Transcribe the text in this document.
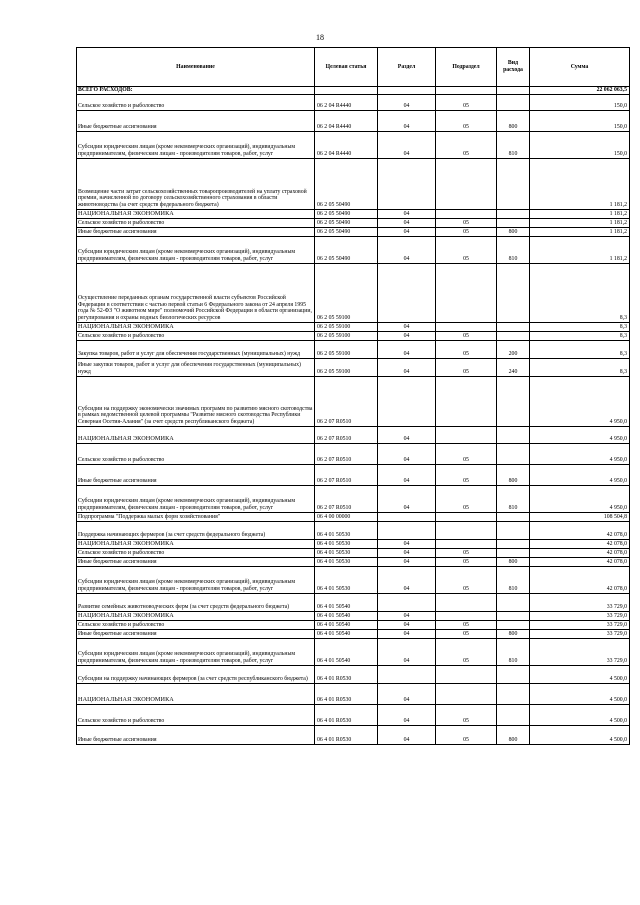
18
Наименование	Целевая статья	Раздел	Подраздел	Вид расхода	Сумма
ВСЕГО РАСХОДОВ:					22 062 063,5
Сельское хозяйство и рыболовство	06 2 04 R4440	04	05		150,0
Иные бюджетные ассигнования	06 2 04 R4440	04	05	800	150,0
Субсидии юридическим лицам (кроме некоммерческих организаций), индивидуальным предпринимателям, физическим лицам - производителям товаров, работ, услуг	06 2 04 R4440	04	05	810	150,0
Возмещение части затрат сельскохозяйственных товаропроизводителей на уплату страховой премии, начисленной по договору сельскохозяйственного страхования в области животноводства (за счет средств федерального бюджета)	06 2 05 50490				1 181,2
НАЦИОНАЛЬНАЯ ЭКОНОМИКА	06 2 05 50490	04			1 181,2
Сельское хозяйство и рыболовство	06 2 05 50490	04	05		1 181,2
Иные бюджетные ассигнования	06 2 05 50490	04	05	800	1 181,2
Субсидии юридическим лицам (кроме некоммерческих организаций), индивидуальным предпринимателям, физическим лицам - производителям товаров, работ, услуг	06 2 05 50490	04	05	810	1 181,2
Осуществление переданных органам государственной власти субъектов Российской Федерации в соответствии с частью первой статьи 6 Федерального закона от 24 апреля 1995 года № 52-ФЗ "О животном мире" полномочий Российской Федерации в области организации, регулирования и охраны водных биологических ресурсов	06 2 05 59100				8,3
НАЦИОНАЛЬНАЯ ЭКОНОМИКА	06 2 05 59100	04			8,3
Сельское хозяйство и рыболовство	06 2 05 59100	04	05		8,3
Закупка товаров, работ и услуг для обеспечения государственных (муниципальных) нужд	06 2 05 59100	04	05	200	8,3
Иные закупки товаров, работ и услуг для обеспечения государственных (муниципальных) нужд	06 2 05 59100	04	05	240	8,3
Субсидии на поддержку экономически значимых программ по развитию мясного скотоводства в рамках ведомственной целевой программы "Развитие мясного скотоводства Республики Северная Осетия-Алания" (за счет средств республиканского бюджета)	06 2 07 R0510				4 950,0
НАЦИОНАЛЬНАЯ ЭКОНОМИКА	06 2 07 R0510	04			4 950,0
Сельское хозяйство и рыболовство	06 2 07 R0510	04	05		4 950,0
Иные бюджетные ассигнования	06 2 07 R0510	04	05	800	4 950,0
Субсидии юридическим лицам (кроме некоммерческих организаций), индивидуальным предпринимателям, физическим лицам - производителям товаров, работ, услуг	06 2 07 R0510	04	05	810	4 950,0
Подпрограмма "Поддержка малых форм хозяйствования"	06 4 00 00000				108 504,8
Поддержка начинающих фермеров (за счет средств федерального бюджета)	06 4 01 50530				42 078,0
НАЦИОНАЛЬНАЯ ЭКОНОМИКА	06 4 01 50530	04			42 078,0
Сельское хозяйство и рыболовство	06 4 01 50530	04	05		42 078,0
Иные бюджетные ассигнования	06 4 01 50530	04	05	800	42 078,0
Субсидии юридическим лицам (кроме некоммерческих организаций), индивидуальным предпринимателям, физическим лицам - производителям товаров, работ, услуг	06 4 01 50530	04	05	810	42 078,0
Развитие семейных животноводческих ферм (за счет средств федерального бюджета)	06 4 01 50540				33 729,0
НАЦИОНАЛЬНАЯ ЭКОНОМИКА	06 4 01 50540	04			33 729,0
Сельское хозяйство и рыболовство	06 4 01 50540	04	05		33 729,0
Иные бюджетные ассигнования	06 4 01 50540	04	05	800	33 729,0
Субсидии юридическим лицам (кроме некоммерческих организаций), индивидуальным предпринимателям, физическим лицам - производителям товаров, работ, услуг	06 4 01 50540	04	05	810	33 729,0
Субсидии на поддержку начинающих фермеров (за счет средств республиканского бюджета)	06 4 01 R0530				4 500,0
НАЦИОНАЛЬНАЯ ЭКОНОМИКА	06 4 01 R0530	04			4 500,0
Сельское хозяйство и рыболовство	06 4 01 R0530	04	05		4 500,0
Иные бюджетные ассигнования	06 4 01 R0530	04	05	800	4 500,0
